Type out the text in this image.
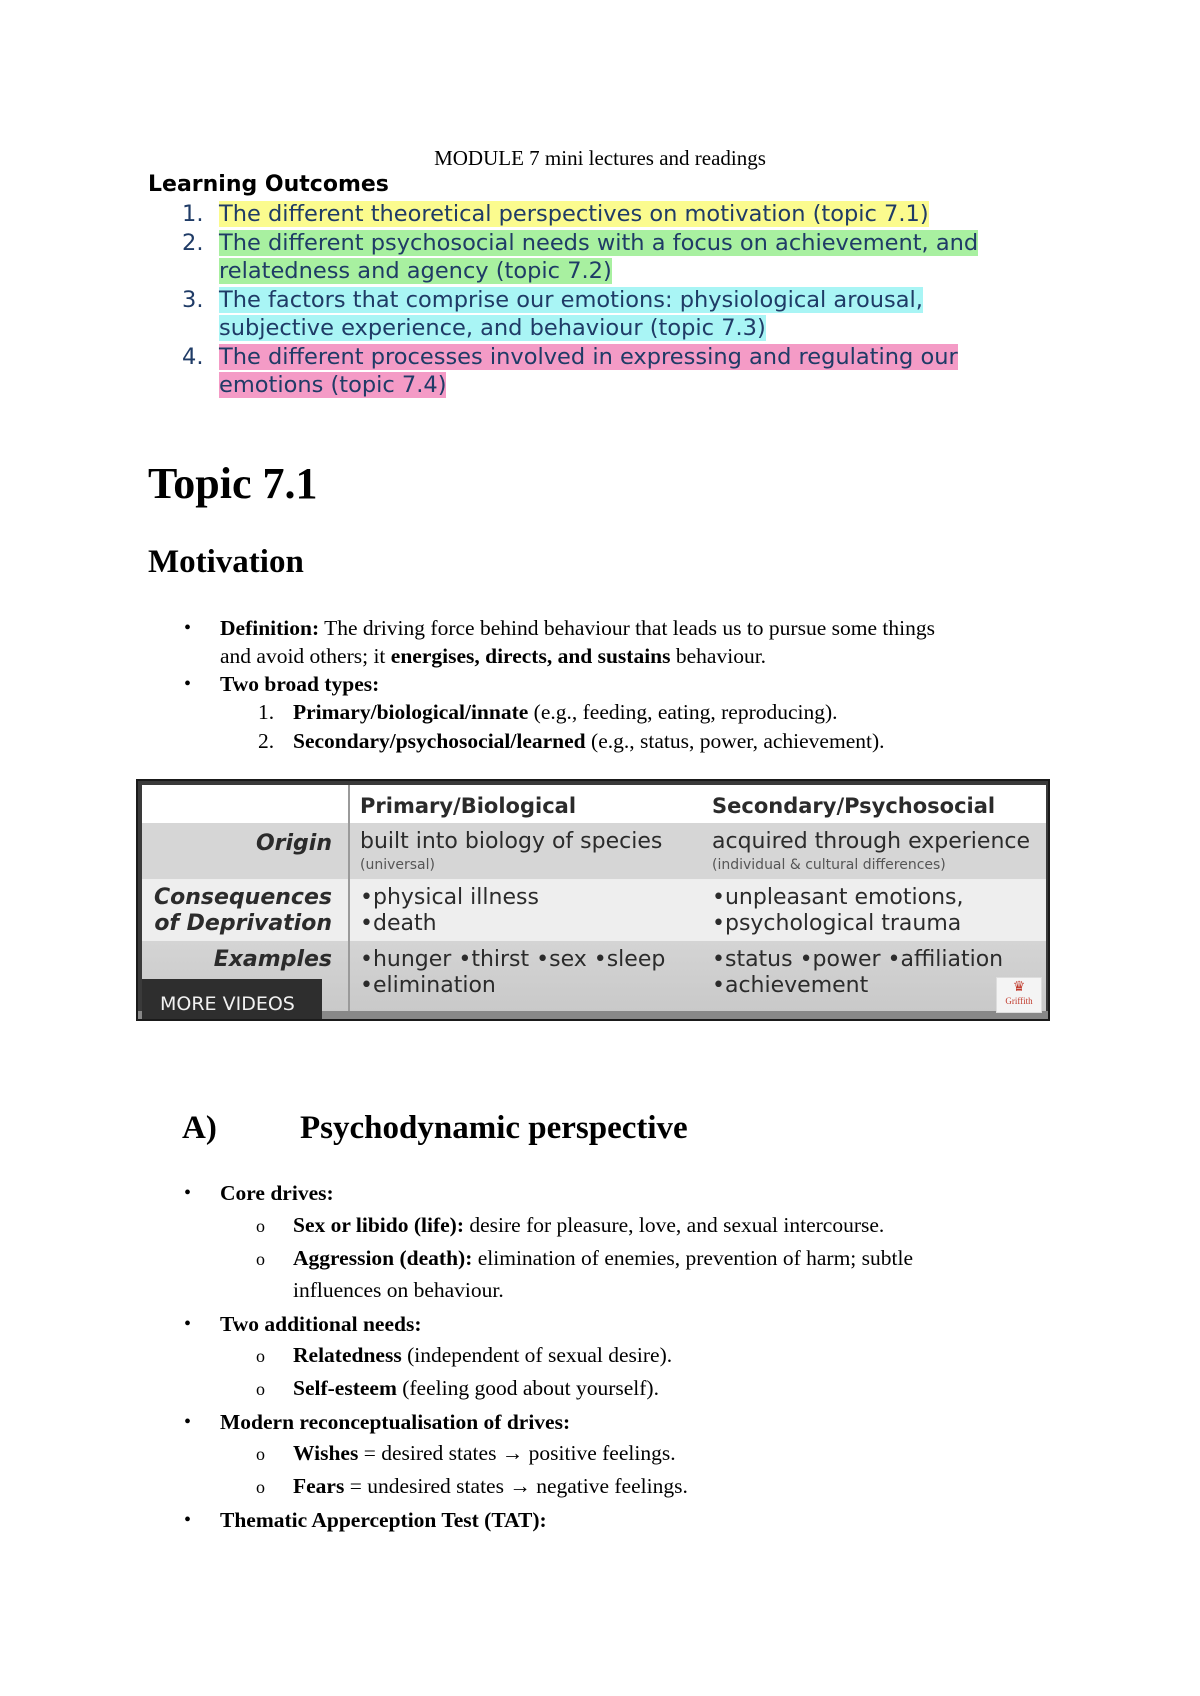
MODULE 7 mini lectures and readings
Learning Outcomes
1. The different theoretical perspectives on motivation (topic 7.1)
2. The different psychosocial needs with a focus on achievement, and
relatedness and agency (topic 7.2)
3. The factors that comprise our emotions: physiological arousal,
subjective experience, and behaviour (topic 7.3)
4. The different processes involved in expressing and regulating our
emotions (topic 7.4)
Topic 7.1
Motivation
• Definition: The driving force behind behaviour that leads us to pursue some things
and avoid others; it energises, directs, and sustains behaviour.
• Two broad types:
1. Primary/biological/innate (e.g., feeding, eating, reproducing).
2. Secondary/psychosocial/learned (e.g., status, power, achievement).
Primary/Biological	Secondary/Psychosocial
Origin built into biology of species
(universal)
acquired through experience
(individual & cultural differences)
Consequences
of Deprivation
•physical illness
•death
•unpleasant emotions,
•psychological trauma
Examples •hunger •thirst •sex •sleep
•elimination
•status •power •affiliation
•achievement
MORE VIDEOS
♛
Griffith
A)	Psychodynamic perspective
• Core drives:
o Sex or libido (life): desire for pleasure, love, and sexual intercourse.
o Aggression (death): elimination of enemies, prevention of harm; subtle
influences on behaviour.
• Two additional needs:
o Relatedness (independent of sexual desire).
o Self-esteem (feeling good about yourself).
• Modern reconceptualisation of drives:
o Wishes = desired states → positive feelings.
o Fears = undesired states → negative feelings.
• Thematic Apperception Test (TAT):
